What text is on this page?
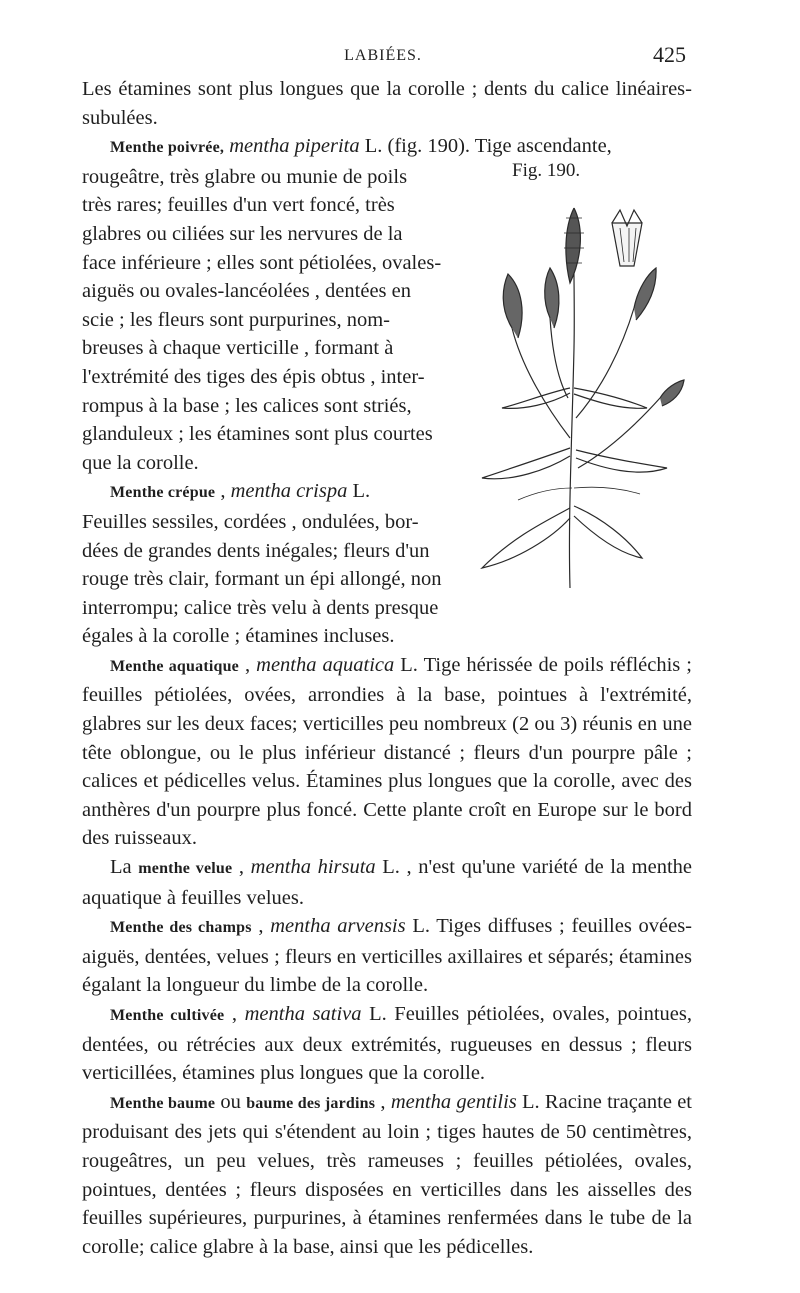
LABIÉES.	425
Fig. 190.

Les étamines sont plus longues que la corolle ; dents du calice linéaires-subulées.

Menthe poivrée, mentha piperita L. (fig. 190). Tige ascendante,

rougeâtre, très glabre ou munie de poils
très rares; feuilles d'un vert foncé, très
glabres ou ciliées sur les nervures de la
face inférieure ; elles sont pétiolées, ovales-
aiguës ou ovales-lancéolées , dentées en
scie ; les fleurs sont purpurines, nom-
breuses à chaque verticille , formant à
l'extrémité des tiges des épis obtus , inter-
rompus à la base ; les calices sont striés,
glanduleux ; les étamines sont plus courtes
que la corolle.
Menthe crépue , mentha crispa L.
Feuilles sessiles, cordées , ondulées, bor-
dées de grandes dents inégales; fleurs d'un
rouge très clair, formant un épi allongé, non
interrompu; calice très velu à dents presque
égales à la corolle ; étamines incluses.

Menthe aquatique , mentha aquatica L. Tige hérissée de poils réfléchis ; feuilles pétiolées, ovées, arrondies à la base, pointues à l'extrémité, glabres sur les deux faces; verticilles peu nombreux (2 ou 3) réunis en une tête oblongue, ou le plus inférieur distancé ; fleurs d'un pourpre pâle ; calices et pédicelles velus. Étamines plus longues que la corolle, avec des anthères d'un pourpre plus foncé. Cette plante croît en Europe sur le bord des ruisseaux.

La menthe velue , mentha hirsuta L. , n'est qu'une variété de la menthe aquatique à feuilles velues.

Menthe des champs , mentha arvensis L. Tiges diffuses ; feuilles ovées-aiguës, dentées, velues ; fleurs en verticilles axillaires et séparés; étamines égalant la longueur du limbe de la corolle.

Menthe cultivée , mentha sativa L. Feuilles pétiolées, ovales, pointues, dentées, ou rétrécies aux deux extrémités, rugueuses en dessus ; fleurs verticillées, étamines plus longues que la corolle.

Menthe baume ou baume des jardins , mentha gentilis L. Racine traçante et produisant des jets qui s'étendent au loin ; tiges hautes de 50 centimètres, rougeâtres, un peu velues, très rameuses ; feuilles pétiolées, ovales, pointues, dentées ; fleurs disposées en verticilles dans les aisselles des feuilles supérieures, purpurines, à étamines renfermées dans le tube de la corolle; calice glabre à la base, ainsi que les pédicelles.
